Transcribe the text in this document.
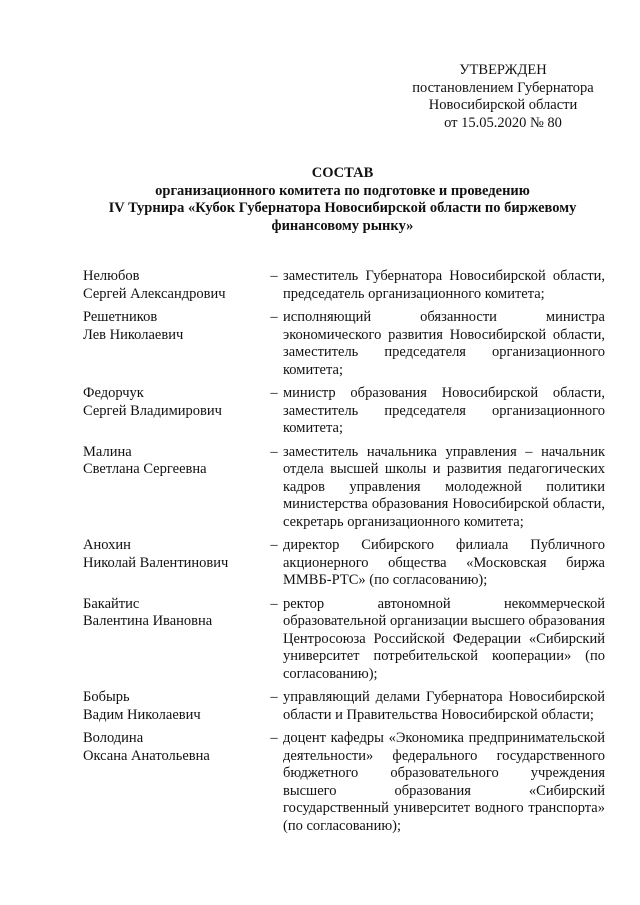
УТВЕРЖДЕН
постановлением Губернатора
Новосибирской области
от 15.05.2020 № 80
СОСТАВ
организационного комитета по подготовке и проведению
IV Турнира «Кубок Губернатора Новосибирской области по биржевому
финансовому рынку»
Нелюбов
Сергей Александрович
– заместитель Губернатора Новосибирской области, председатель организационного комитета;
Решетников
Лев Николаевич
– исполняющий обязанности министра экономического развития Новосибирской области, заместитель председателя организационного комитета;
Федорчук
Сергей Владимирович
– министр образования Новосибирской области, заместитель председателя организационного комитета;
Малина
Светлана Сергеевна
– заместитель начальника управления – начальник отдела высшей школы и развития педагогических кадров управления молодежной политики министерства образования Новосибирской области, секретарь организационного комитета;
Анохин
Николай Валентинович
– директор Сибирского филиала Публичного акционерного общества «Московская биржа ММВБ-РТС» (по согласованию);
Бакайтис
Валентина Ивановна
– ректор автономной некоммерческой образовательной организации высшего образования Центросоюза Российской Федерации «Сибирский университет потребительской кооперации» (по согласованию);
Бобырь
Вадим Николаевич
– управляющий делами Губернатора Новосибирской области и Правительства Новосибирской области;
Володина
Оксана Анатольевна
– доцент кафедры «Экономика предпринимательской деятельности» федерального государственного бюджетного образовательного учреждения высшего образования «Сибирский государственный университет водного транспорта» (по согласованию);
